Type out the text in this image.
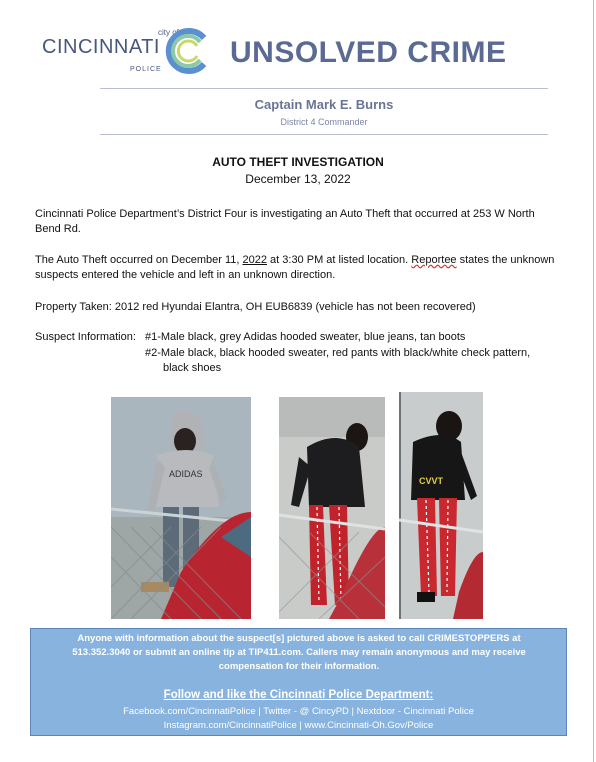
city of
CINCINNATI
POLICE
UNSOLVED CRIME
Captain Mark E. Burns
District 4 Commander
AUTO THEFT INVESTIGATION
December 13, 2022
Cincinnati Police Department’s District Four is investigating an Auto Theft that occurred at 253 W North Bend Rd.
The Auto Theft occurred on December 11, 2022 at 3:30 PM at listed location. Reportee states the unknown suspects entered the vehicle and left in an unknown direction.
Property Taken: 2012 red Hyundai Elantra, OH EUB6839 (vehicle has not been recovered)
Suspect Information: #1-Male black, grey Adidas hooded sweater, blue jeans, tan boots
#2-Male black, black hooded sweater, red pants with black/white check pattern,
black shoes
ADIDAS
CVVT
Anyone with information about the suspect[s] pictured above is asked to call CRIMESTOPPERS at 513.352.3040 or submit an online tip at TIP411.com. Callers may remain anonymous and may receive compensation for their information.
Follow and like the Cincinnati Police Department:
Facebook.com/CincinnatiPolice | Twitter - @ CincyPD | Nextdoor - Cincinnati Police
Instagram.com/CincinnatiPolice | www.Cincinnati-Oh.Gov/Police
